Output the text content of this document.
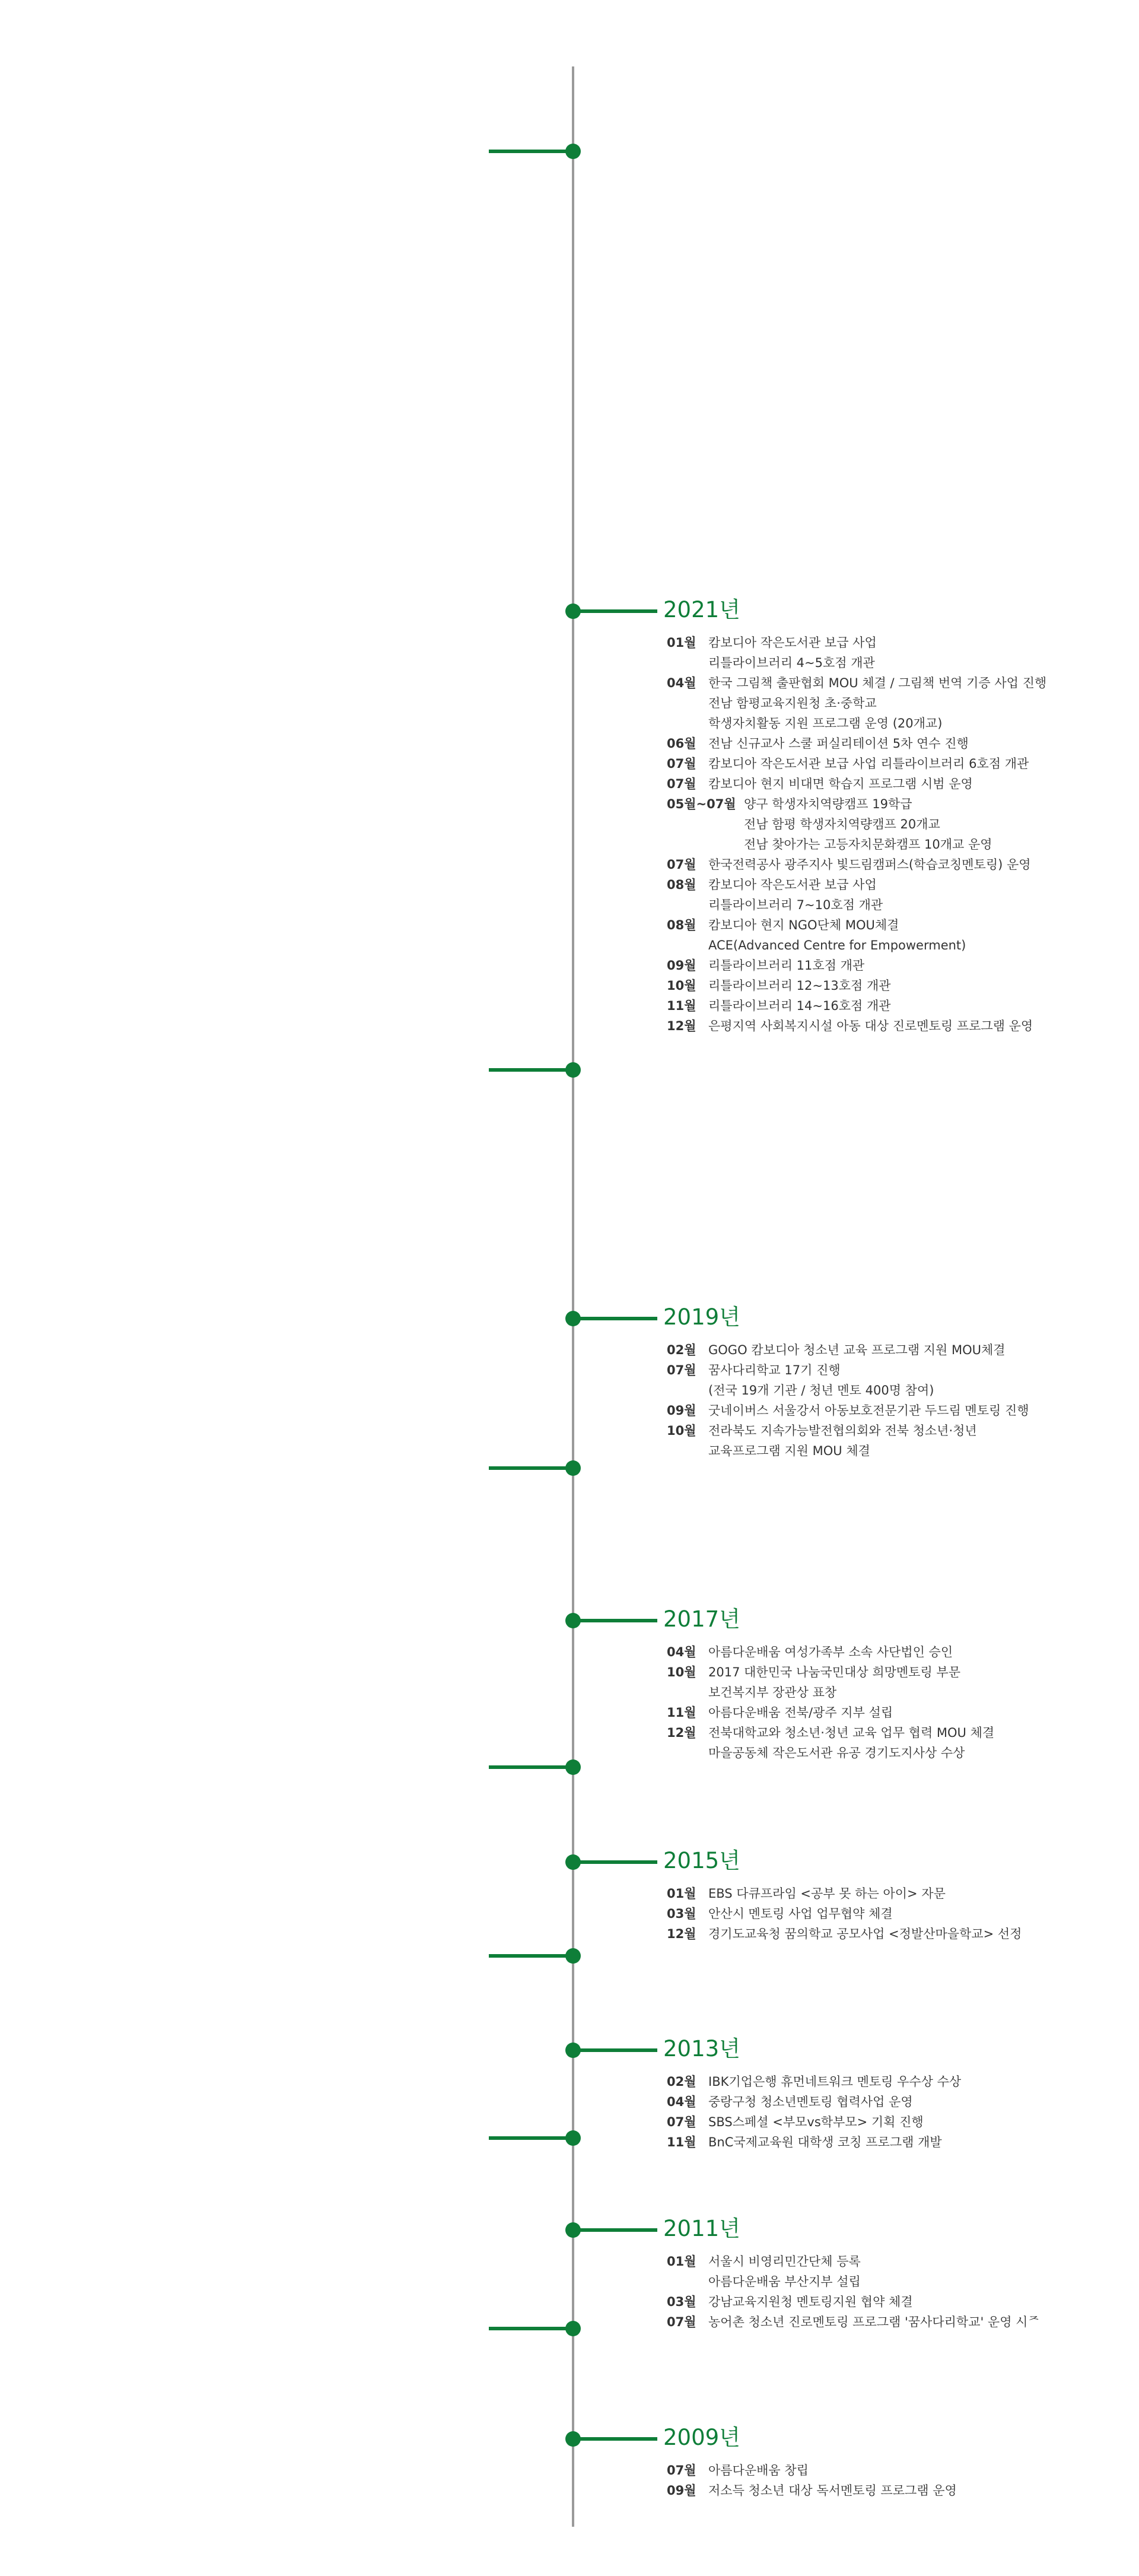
2021년
01월 캄보디아 작은도서관 보급 사업
리틀라이브러리 4~5호점 개관
04월 한국 그림책 출판협회 MOU 체결 / 그림책 번역 기증 사업 진행
전남 함평교육지원청 초·중학교
학생자치활동 지원 프로그램 운영 (20개교)
06월 전남 신규교사 스쿨 퍼실리테이션 5차 연수 진행
07월 캄보디아 작은도서관 보급 사업 리틀라이브러리 6호점 개관
07월 캄보디아 현지 비대면 학습지 프로그램 시범 운영
05월~07월 양구 학생자치역량캠프 19학급
전남 함평 학생자치역량캠프 20개교
전남 찾아가는 고등자치문화캠프 10개교 운영
07월 한국전력공사 광주지사 빛드림캠퍼스(학습코칭멘토링) 운영
08월 캄보디아 작은도서관 보급 사업
리틀라이브러리 7~10호점 개관
08월 캄보디아 현지 NGO단체 MOU체결
ACE(Advanced Centre for Empowerment)
09월 리틀라이브러리 11호점 개관
10월 리틀라이브러리 12~13호점 개관
11월 리틀라이브러리 14~16호점 개관
12월 은평지역 사회복지시설 아동 대상 진로멘토링 프로그램 운영
2019년
02월 GOGO 캄보디아 청소년 교육 프로그램 지원 MOU체결
07월 꿈사다리학교 17기 진행
(전국 19개 기관 / 청년 멘토 400명 참여)
09월 굿네이버스 서울강서 아동보호전문기관 두드림 멘토링 진행
10월 전라북도 지속가능발전협의회와 전북 청소년·청년
교육프로그램 지원 MOU 체결
2017년
04월 아름다운배움 여성가족부 소속 사단법인 승인
10월 2017 대한민국 나눔국민대상 희망멘토링 부문
보건복지부 장관상 표창
11월 아름다운배움 전북/광주 지부 설립
12월 전북대학교와 청소년·청년 교육 업무 협력 MOU 체결
마을공동체 작은도서관 유공 경기도지사상 수상
2015년
01월 EBS 다큐프라임 <공부 못 하는 아이> 자문
03월 안산시 멘토링 사업 업무협약 체결
12월 경기도교육청 꿈의학교 공모사업 <정발산마을학교> 선정
2013년
02월 IBK기업은행 휴먼네트워크 멘토링 우수상 수상
04월 중랑구청 청소년멘토링 협력사업 운영
07월 SBS스페셜 <부모vs학부모> 기획 진행
11월 BnC국제교육원 대학생 코칭 프로그램 개발
2011년
01월 서울시 비영리민간단체 등록
아름다운배움 부산지부 설립
03월 강남교육지원청 멘토링지원 협약 체결
07월 농어촌 청소년 진로멘토링 프로그램 '꿈사다리학교' 운영 시ᄌ
2009년
07월 아름다운배움 창립
09월 저소득 청소년 대상 독서멘토링 프로그램 운영
